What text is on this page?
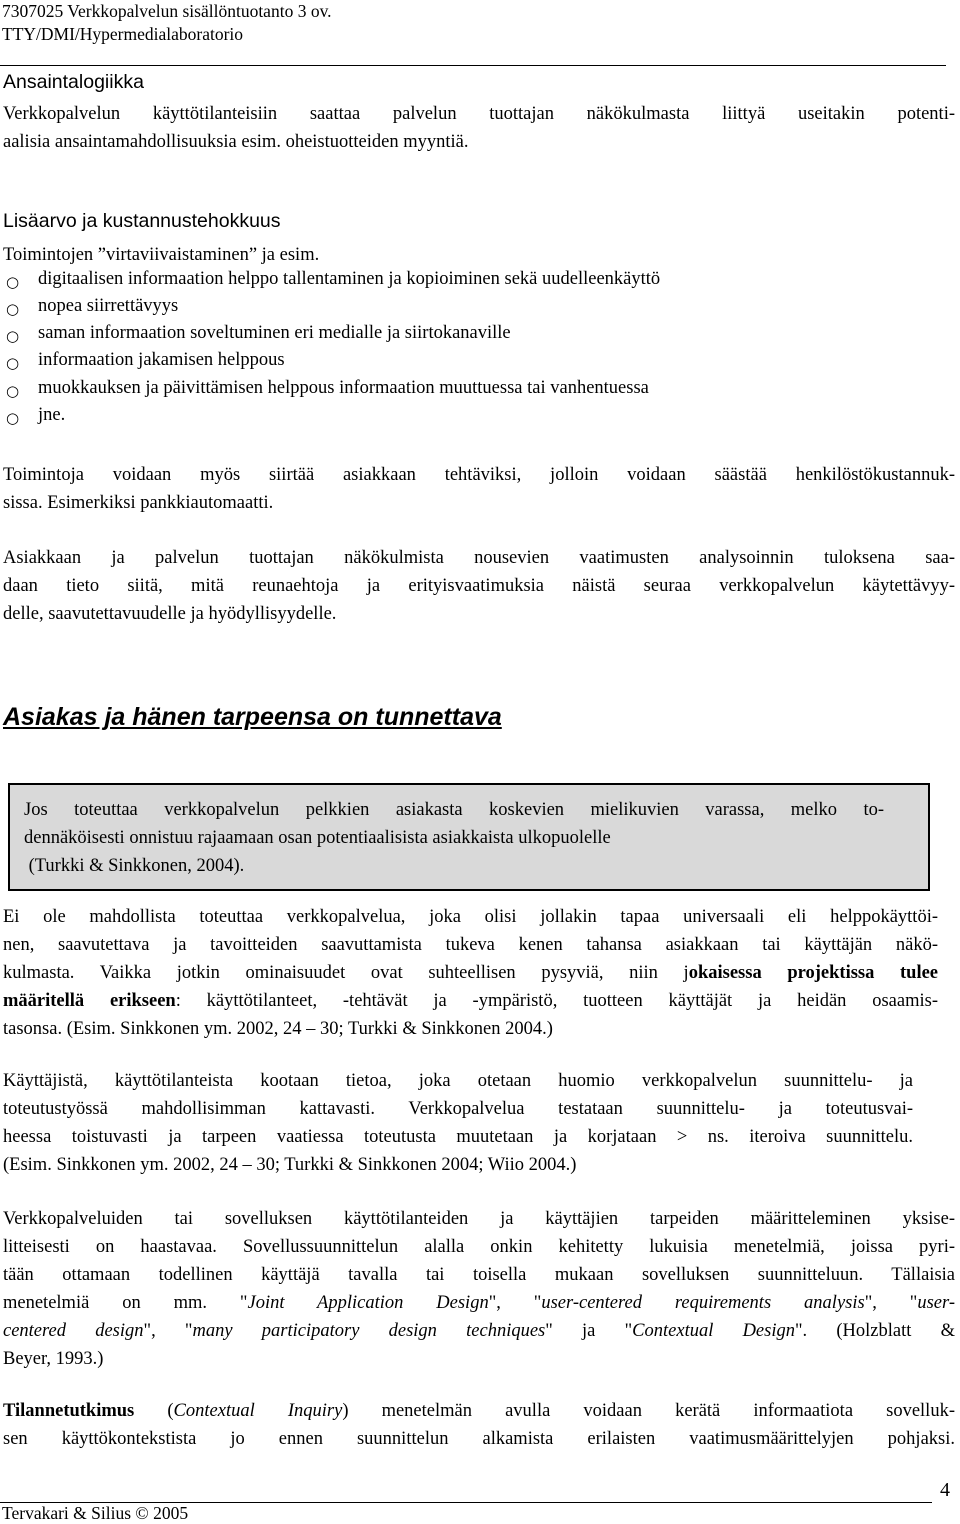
7307025 Verkkopalvelun sisällöntuotanto 3 ov.
TTY/DMI/Hypermedialaboratorio
Ansaintalogiikka
Verkkopalvelun käyttötilanteisiin saattaa palvelun tuottajan näkökulmasta liittyä useitakin potenti-
aalisia ansaintamahdollisuuksia esim. oheistuotteiden myyntiä.
Lisäarvo ja kustannustehokkuus
Toimintojen ”virtaviivaistaminen” ja esim.
○ digitaalisen informaation helppo tallentaminen ja kopioiminen sekä uudelleenkäyttö
○ nopea siirrettävyys
○ saman informaation soveltuminen eri medialle ja siirtokanaville
○ informaation jakamisen helppous
○ muokkauksen ja päivittämisen helppous informaation muuttuessa tai vanhentuessa
○ jne.
Toimintoja voidaan myös siirtää asiakkaan tehtäviksi, jolloin voidaan säästää henkilöstökustannuk-
sissa. Esimerkiksi pankkiautomaatti.
Asiakkaan ja palvelun tuottajan näkökulmista nousevien vaatimusten analysoinnin tuloksena saa-
daan tieto siitä, mitä reunaehtoja ja erityisvaatimuksia näistä seuraa verkkopalvelun käytettävyy-
delle, saavutettavuudelle ja hyödyllisyydelle.
Asiakas ja hänen tarpeensa on tunnettava
Jos toteuttaa verkkopalvelun pelkkien asiakasta koskevien mielikuvien varassa, melko to-
dennäköisesti onnistuu rajaamaan osan potentiaalisista asiakkaista ulkopuolelle
(Turkki & Sinkkonen, 2004).
Ei ole mahdollista toteuttaa verkkopalvelua, joka olisi jollakin tapaa universaali eli helppokäyttöi-
nen, saavutettava ja tavoitteiden saavuttamista tukeva kenen tahansa asiakkaan tai käyttäjän näkö-
kulmasta. Vaikka jotkin ominaisuudet ovat suhteellisen pysyviä, niin jokaisessa projektissa tulee
määritellä erikseen: käyttötilanteet, -tehtävät ja -ympäristö, tuotteen käyttäjät ja heidän osaamis-
tasonsa. (Esim. Sinkkonen ym. 2002, 24 – 30; Turkki & Sinkkonen 2004.)
Käyttäjistä, käyttötilanteista kootaan tietoa, joka otetaan huomio verkkopalvelun suunnittelu- ja
toteutustyössä mahdollisimman kattavasti. Verkkopalvelua testataan suunnittelu- ja toteutusvai-
heessa toistuvasti ja tarpeen vaatiessa toteutusta muutetaan ja korjataan > ns. iteroiva suunnittelu.
(Esim. Sinkkonen ym. 2002, 24 – 30; Turkki & Sinkkonen 2004; Wiio 2004.)
Verkkopalveluiden tai sovelluksen käyttötilanteiden ja käyttäjien tarpeiden määritteleminen yksise-
litteisesti on haastavaa. Sovellussuunnittelun alalla onkin kehitetty lukuisia menetelmiä, joissa pyri-
tään ottamaan todellinen käyttäjä tavalla tai toisella mukaan sovelluksen suunnitteluun. Tällaisia
menetelmiä on mm. "Joint Application Design", "user-centered requirements analysis", "user-
centered design", "many participatory design techniques" ja "Contextual Design". (Holzblatt &
Beyer, 1993.)
Tilannetutkimus (Contextual Inquiry) menetelmän avulla voidaan kerätä informaatiota sovelluk-
sen käyttökontekstista jo ennen suunnittelun alkamista erilaisten vaatimusmäärittelyjen pohjaksi.
4
Tervakari & Silius © 2005
